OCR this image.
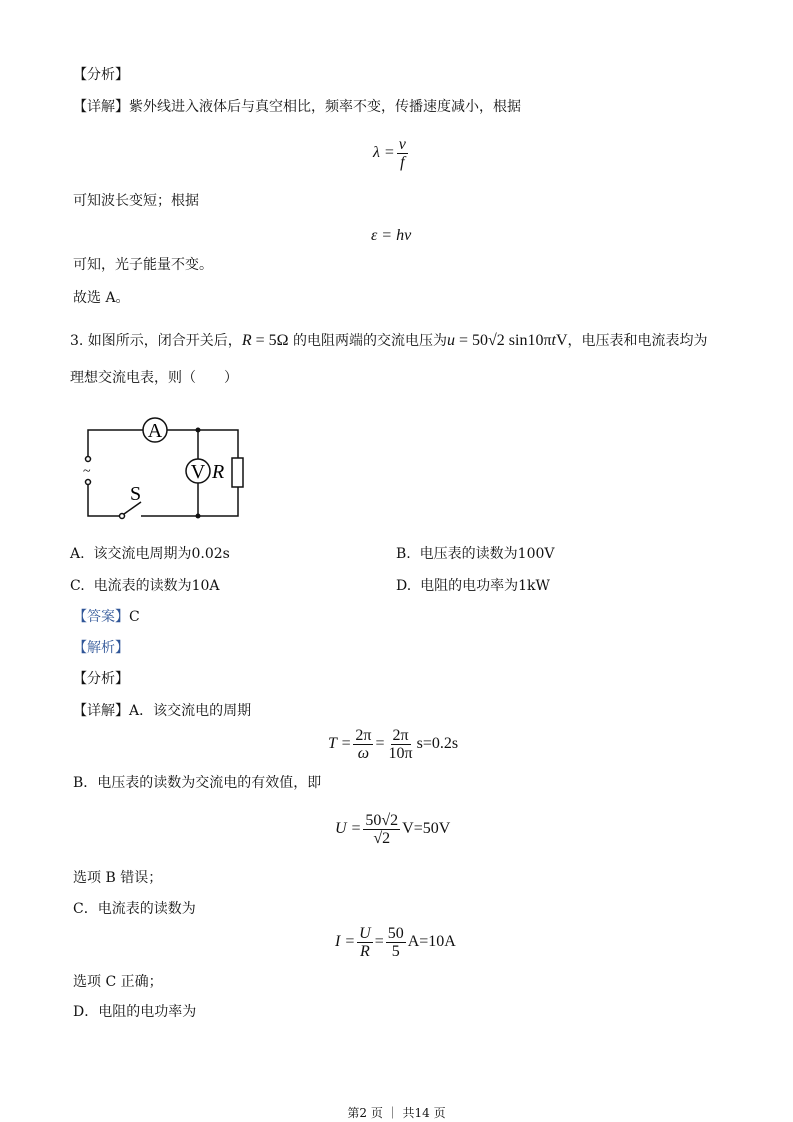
【分析】
【详解】紫外线进入液体后与真空相比，频率不变，传播速度减小，根据
$\lambda = \frac{v}{f}$
可知波长变短；根据
ε = hν
可知，光子能量不变。
故选 A。
3. 如图所示，闭合开关后，R = 5Ω 的电阻两端的交流电压为u = 50√2 sin10πtV，电压表和电流表均为
理想交流电表，则（　　）
A
V R
S
~
A. 该交流电周期为0.02s	B. 电压表的读数为100V
C. 电流表的读数为10A	D. 电阻的电功率为1kW
【答案】C
【解析】
【分析】
【详解】A．该交流电的周期
$T = \frac{2\pi}{\omega} = \frac{2\pi}{10\pi} s=0.2s$
B．电压表的读数为交流电的有效值，即
$U = \frac{50√2}{√2} V=50V$
选项 B 错误；
C．电流表的读数为
$I = \frac{U}{R} = \frac{50}{5} A=10A$
选项 C 正确；
D．电阻的电功率为
第2 页 ｜ 共14 页
